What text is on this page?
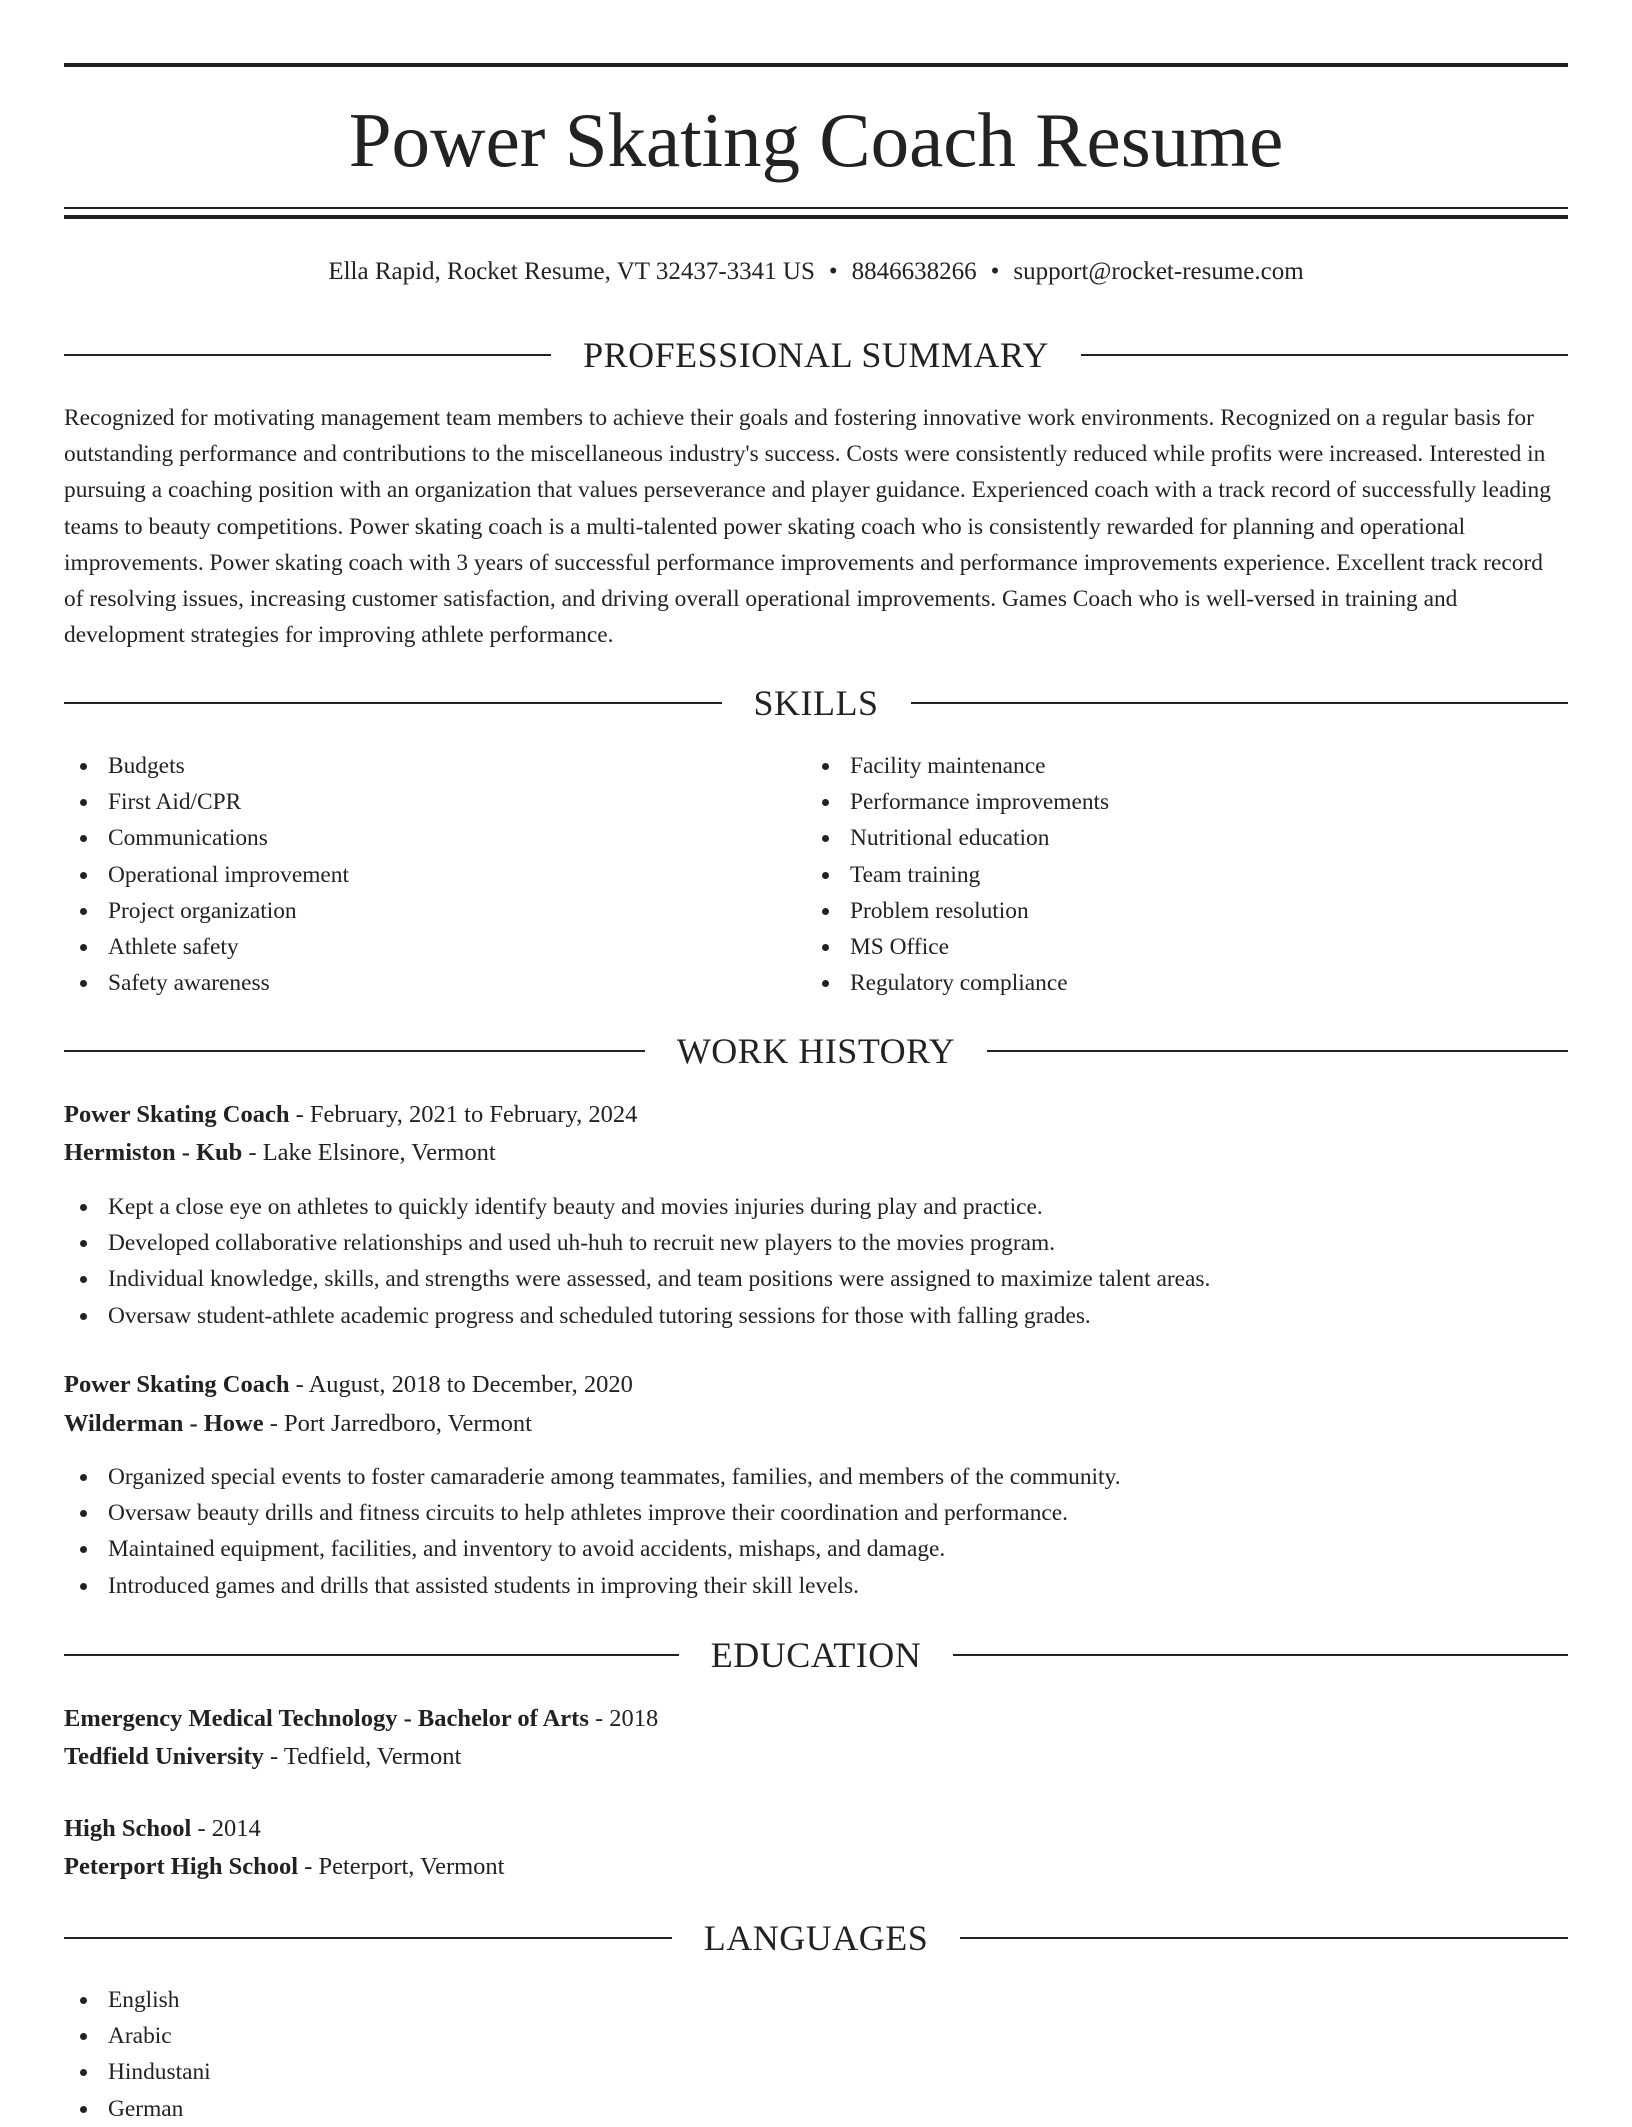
Power Skating Coach Resume
Ella Rapid, Rocket Resume, VT 32437-3341 US • 8846638266 • support@rocket-resume.com
PROFESSIONAL SUMMARY

Recognized for motivating management team members to achieve their goals and fostering innovative work environments. Recognized on a regular basis for outstanding performance and contributions to the miscellaneous industry's success. Costs were consistently reduced while profits were increased. Interested in pursuing a coaching position with an organization that values perseverance and player guidance. Experienced coach with a track record of successfully leading teams to beauty competitions. Power skating coach is a multi-talented power skating coach who is consistently rewarded for planning and operational improvements. Power skating coach with 3 years of successful performance improvements and performance improvements experience. Excellent track record of resolving issues, increasing customer satisfaction, and driving overall operational improvements. Games Coach who is well-versed in training and development strategies for improving athlete performance.

SKILLS
Budgets
First Aid/CPR
Communications
Operational improvement
Project organization
Athlete safety
Safety awareness
Facility maintenance
Performance improvements
Nutritional education
Team training
Problem resolution
MS Office
Regulatory compliance
WORK HISTORY
Power Skating Coach - February, 2021 to February, 2024
Hermiston - Kub - Lake Elsinore, Vermont
Kept a close eye on athletes to quickly identify beauty and movies injuries during play and practice.
Developed collaborative relationships and used uh-huh to recruit new players to the movies program.
Individual knowledge, skills, and strengths were assessed, and team positions were assigned to maximize talent areas.
Oversaw student-athlete academic progress and scheduled tutoring sessions for those with falling grades.
Power Skating Coach - August, 2018 to December, 2020
Wilderman - Howe - Port Jarredboro, Vermont
Organized special events to foster camaraderie among teammates, families, and members of the community.
Oversaw beauty drills and fitness circuits to help athletes improve their coordination and performance.
Maintained equipment, facilities, and inventory to avoid accidents, mishaps, and damage.
Introduced games and drills that assisted students in improving their skill levels.
EDUCATION
Emergency Medical Technology - Bachelor of Arts - 2018
Tedfield University - Tedfield, Vermont
High School - 2014
Peterport High School - Peterport, Vermont
LANGUAGES
English
Arabic
Hindustani
German
